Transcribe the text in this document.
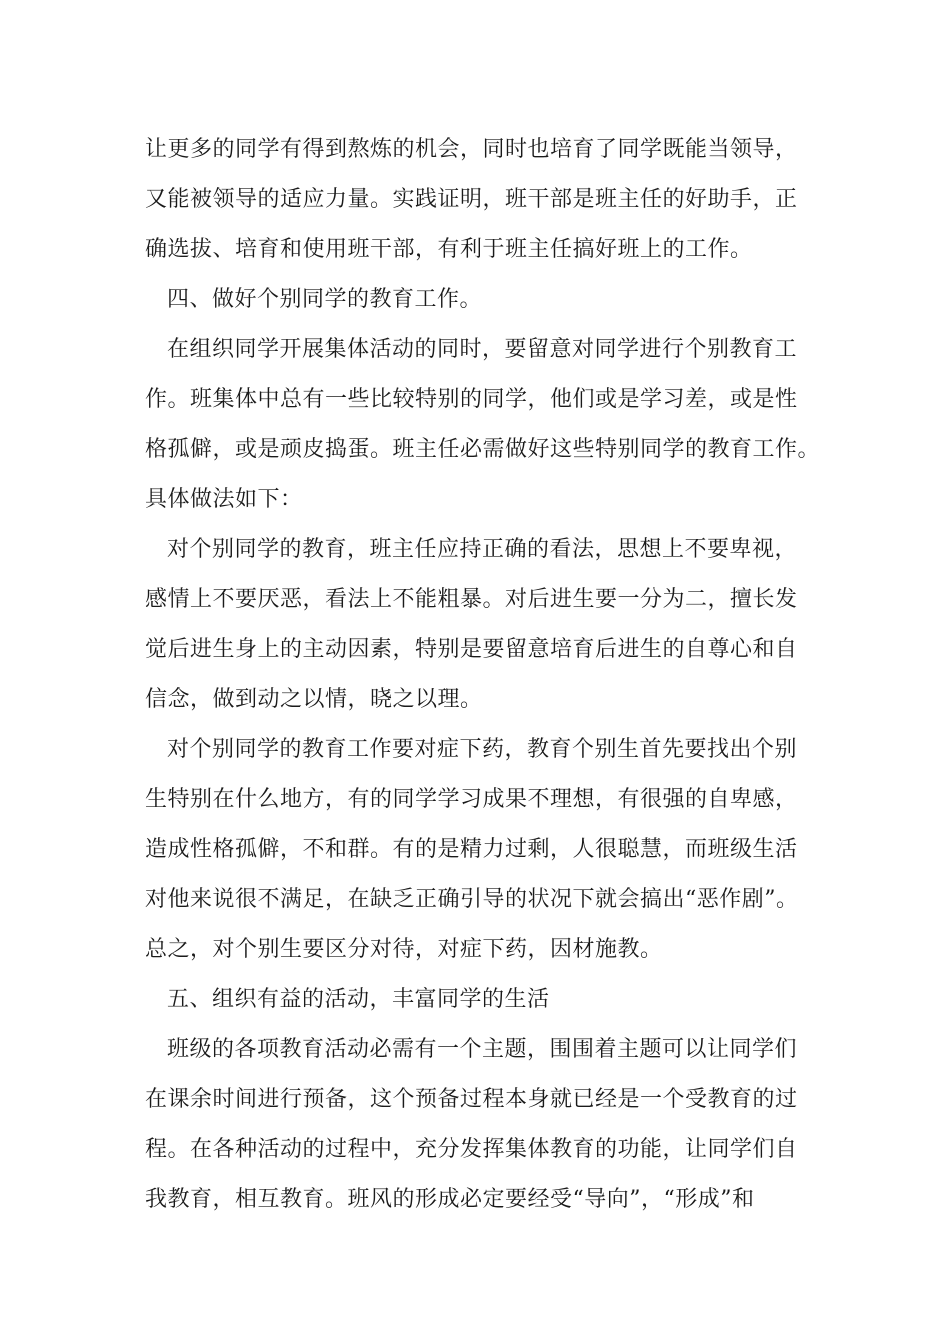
让更多的同学有得到熬炼的机会，同时也培育了同学既能当领导，
又能被领导的适应力量。实践证明，班干部是班主任的好助手，正
确选拔、培育和使用班干部，有利于班主任搞好班上的工作。
四、做好个别同学的教育工作。
在组织同学开展集体活动的同时，要留意对同学进行个别教育工
作。班集体中总有一些比较特别的同学，他们或是学习差，或是性
格孤僻，或是顽皮捣蛋。班主任必需做好这些特别同学的教育工作。
具体做法如下：
对个别同学的教育，班主任应持正确的看法，思想上不要卑视，
感情上不要厌恶，看法上不能粗暴。对后进生要一分为二，擅长发
觉后进生身上的主动因素，特别是要留意培育后进生的自尊心和自
信念，做到动之以情，晓之以理。
对个别同学的教育工作要对症下药，教育个别生首先要找出个别
生特别在什么地方，有的同学学习成果不理想，有很强的自卑感，
造成性格孤僻，不和群。有的是精力过剩，人很聪慧，而班级生活
对他来说很不满足，在缺乏正确引导的状况下就会搞出“恶作剧”。
总之，对个别生要区分对待，对症下药，因材施教。
五、组织有益的活动，丰富同学的生活
班级的各项教育活动必需有一个主题，围围着主题可以让同学们
在课余时间进行预备，这个预备过程本身就已经是一个受教育的过
程。在各种活动的过程中，充分发挥集体教育的功能，让同学们自
我教育，相互教育。班风的形成必定要经受“导向”，“形成”和
